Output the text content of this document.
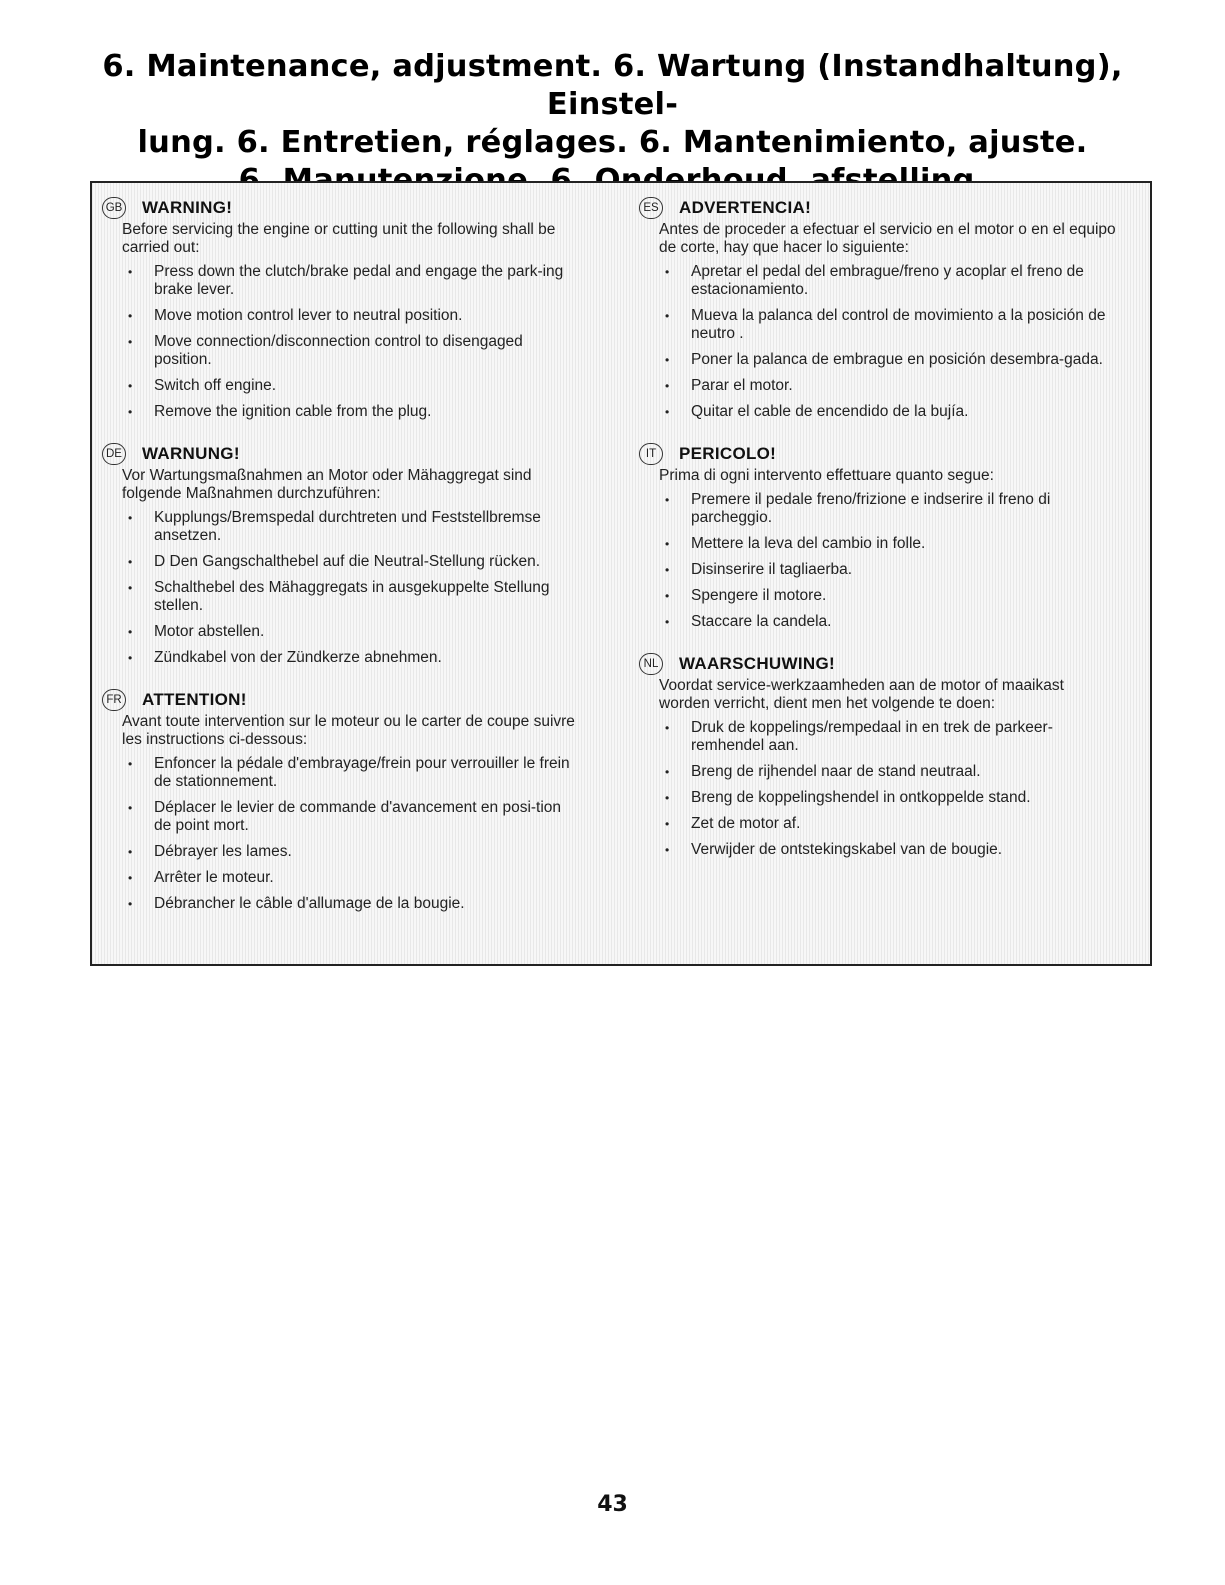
6. Maintenance, adjustment. 6. Wartung (Instandhaltung), Einstel-
lung. 6. Entretien, réglages. 6. Mantenimiento, ajuste.
GB WARNING!

Before servicing the engine or cutting unit the following shall be carried out:

• Press down the clutch/brake pedal and engage the park-ing brake lever.
• Move motion control lever to neutral position.
• Move connection/disconnection control to disengaged position.
• Switch off engine.
• Remove the ignition cable from the plug.
DE WARNUNG!

Vor Wartungsmaßnahmen an Motor oder Mähaggregat sind folgende Maßnahmen durchzuführen:

• Kupplungs/Bremspedal durchtreten und Feststellbremse ansetzen.
• D Den Gangschalthebel auf die Neutral-Stellung rücken.
• Schalthebel des Mähaggregats in ausgekuppelte Stellung stellen.
• Motor abstellen.
• Zündkabel von der Zündkerze abnehmen.
FR ATTENTION!

Avant toute intervention sur le moteur ou le carter de coupe suivre les instructions ci-dessous:

• Enfoncer la pédale d'embrayage/frein pour verrouiller le frein de stationnement.
• Déplacer le levier de commande d'avancement en posi-tion de point mort.
• Débrayer les lames.
• Arrêter le moteur.
• Débrancher le câble d'allumage de la bougie.
ES ADVERTENCIA!

Antes de proceder a efectuar el servicio en el motor o en el equipo de corte, hay que hacer lo siguiente:

• Apretar el pedal del embrague/freno y acoplar el freno de estacionamiento.
• Mueva la palanca del control de movimiento a la posición de neutro .
• Poner la palanca de embrague en posición desembra-gada.
• Parar el motor.
• Quitar el cable de encendido de la bujía.
IT	PERICOLO!

Prima di ogni intervento effettuare quanto segue:

• Premere il pedale freno/frizione e indserire il freno di parcheggio.
• Mettere la leva del cambio in folle.
• Disinserire il tagliaerba.
• Spengere il motore.
• Staccare la candela.
NL WAARSCHUWING!

Voordat service-werkzaamheden aan de motor of maaikast worden verricht, dient men het volgende te doen:

• Druk de koppelings/rempedaal in en trek de parkeer-remhendel aan.
• Breng de rijhendel naar de stand neutraal.
• Breng de koppelingshendel in ontkoppelde stand.
• Zet de motor af.
• Verwijder de ontstekingskabel van de bougie.
43
